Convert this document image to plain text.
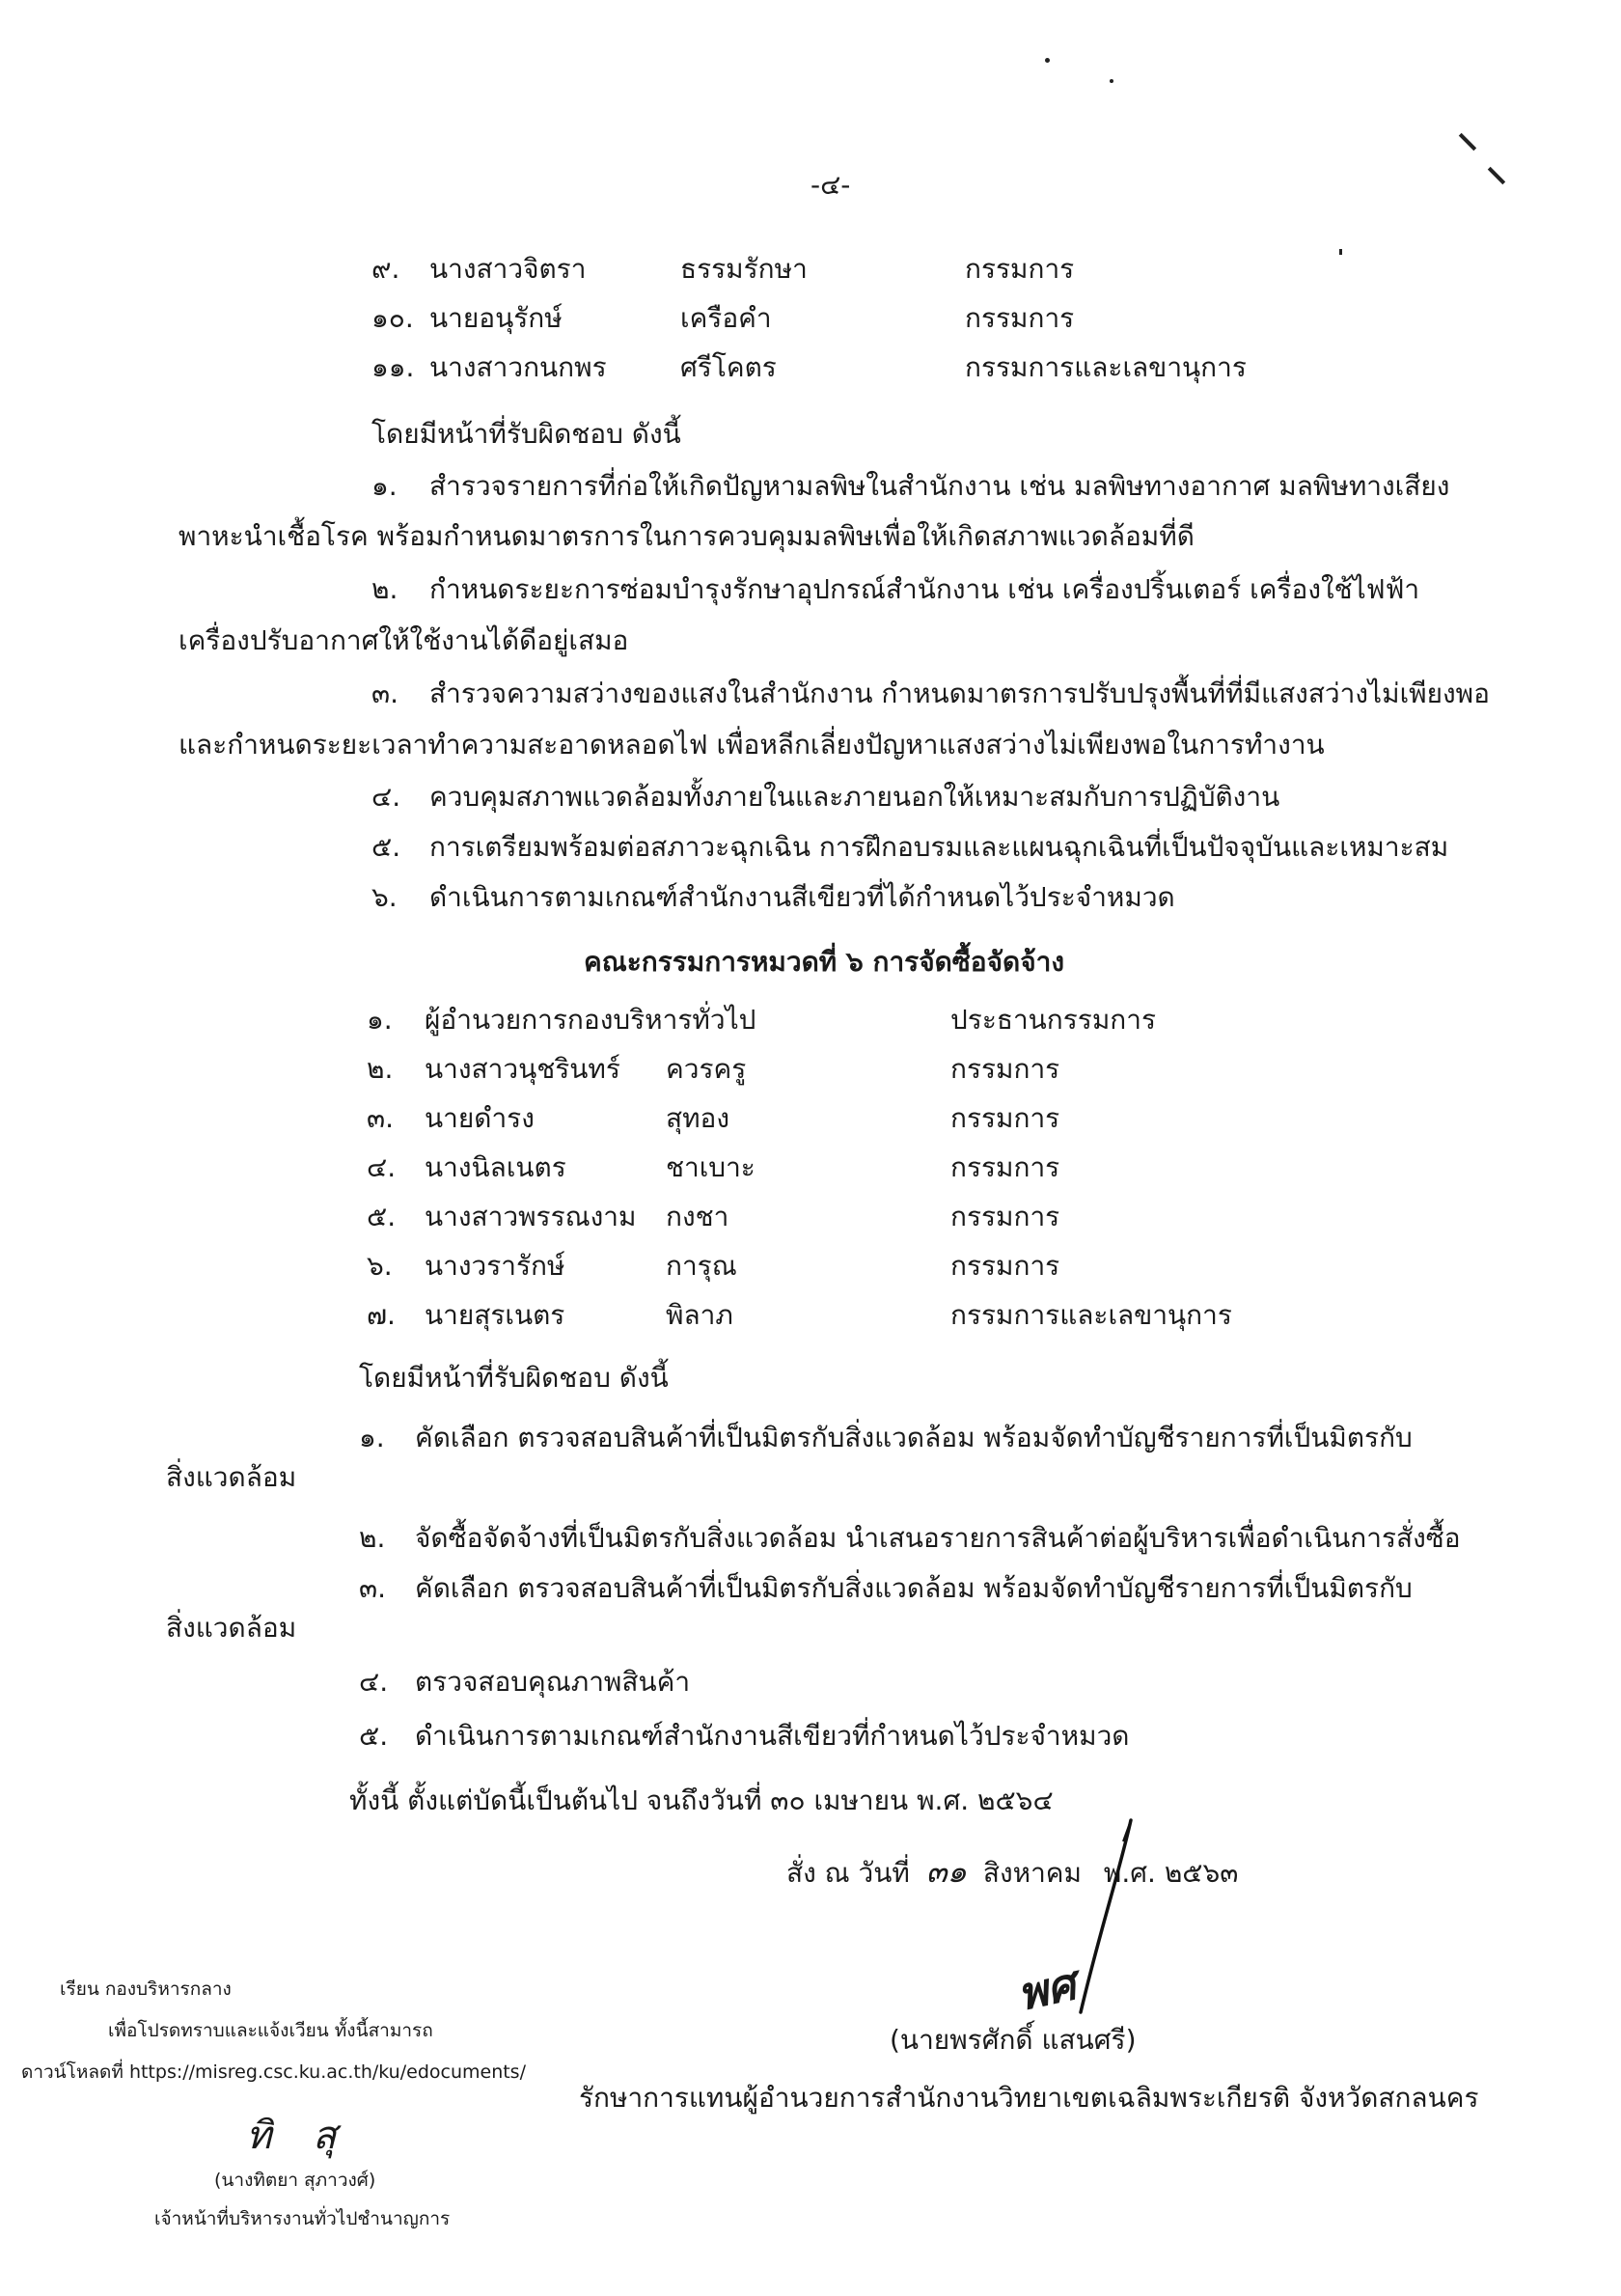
-๔-
๙. นางสาวจิตรา	ธรรมรักษา	กรรมการ
๑๐. นายอนุรักษ์	เครือคำ	กรรมการ
๑๑. นางสาวกนกพร	ศรีโคตร	กรรมการและเลขานุการ
โดยมีหน้าที่รับผิดชอบ ดังนี้
๑. สำรวจรายการที่ก่อให้เกิดปัญหามลพิษในสำนักงาน เช่น มลพิษทางอากาศ มลพิษทางเสียง
พาหะนำเชื้อโรค พร้อมกำหนดมาตรการในการควบคุมมลพิษเพื่อให้เกิดสภาพแวดล้อมที่ดี
๒. กำหนดระยะการซ่อมบำรุงรักษาอุปกรณ์สำนักงาน เช่น เครื่องปริ้นเตอร์ เครื่องใช้ไฟฟ้า
เครื่องปรับอากาศให้ใช้งานได้ดีอยู่เสมอ
๓. สำรวจความสว่างของแสงในสำนักงาน กำหนดมาตรการปรับปรุงพื้นที่ที่มีแสงสว่างไม่เพียงพอ
และกำหนดระยะเวลาทำความสะอาดหลอดไฟ เพื่อหลีกเลี่ยงปัญหาแสงสว่างไม่เพียงพอในการทำงาน
๔. ควบคุมสภาพแวดล้อมทั้งภายในและภายนอกให้เหมาะสมกับการปฏิบัติงาน
๕. การเตรียมพร้อมต่อสภาวะฉุกเฉิน การฝึกอบรมและแผนฉุกเฉินที่เป็นปัจจุบันและเหมาะสม
๖. ดำเนินการตามเกณฑ์สำนักงานสีเขียวที่ได้กำหนดไว้ประจำหมวด
คณะกรรมการหมวดที่ ๖ การจัดซื้อจัดจ้าง
๑. ผู้อำนวยการกองบริหารทั่วไป	ประธานกรรมการ
๒. นางสาวนุชรินทร์ ควรครู	กรรมการ
๓. นายดำรง	สุทอง	กรรมการ
๔. นางนิลเนตร	ชาเบาะ	กรรมการ
๕. นางสาวพรรณงาม กงชา	กรรมการ
๖. นางวรารักษ์	การุณ	กรรมการ
๗. นายสุรเนตร	พิลาภ	กรรมการและเลขานุการ
โดยมีหน้าที่รับผิดชอบ ดังนี้
๑. คัดเลือก ตรวจสอบสินค้าที่เป็นมิตรกับสิ่งแวดล้อม พร้อมจัดทำบัญชีรายการที่เป็นมิตรกับ
สิ่งแวดล้อม
๒. จัดซื้อจัดจ้างที่เป็นมิตรกับสิ่งแวดล้อม นำเสนอรายการสินค้าต่อผู้บริหารเพื่อดำเนินการสั่งซื้อ
๓. คัดเลือก ตรวจสอบสินค้าที่เป็นมิตรกับสิ่งแวดล้อม พร้อมจัดทำบัญชีรายการที่เป็นมิตรกับ
สิ่งแวดล้อม
๔. ตรวจสอบคุณภาพสินค้า
๕. ดำเนินการตามเกณฑ์สำนักงานสีเขียวที่กำหนดไว้ประจำหมวด
ทั้งนี้ ตั้งแต่บัดนี้เป็นต้นไป จนถึงวันที่ ๓๐ เมษายน พ.ศ. ๒๕๖๔
สั่ง ณ วันที่ ๓๑ สิงหาคม พ.ศ. ๒๕๖๓
พศ
(นายพรศักดิ์ แสนศรี)
รักษาการแทนผู้อำนวยการสำนักงานวิทยาเขตเฉลิมพระเกียรติ จังหวัดสกลนคร
เรียน กองบริหารกลาง
เพื่อโปรดทราบและแจ้งเวียน ทั้งนี้สามารถ
ดาวน์โหลดที่ https://misreg.csc.ku.ac.th/ku/edocuments/
ทิ สุ
(นางทิตยา สุภาวงศ์)
เจ้าหน้าที่บริหารงานทั่วไปชำนาญการ
